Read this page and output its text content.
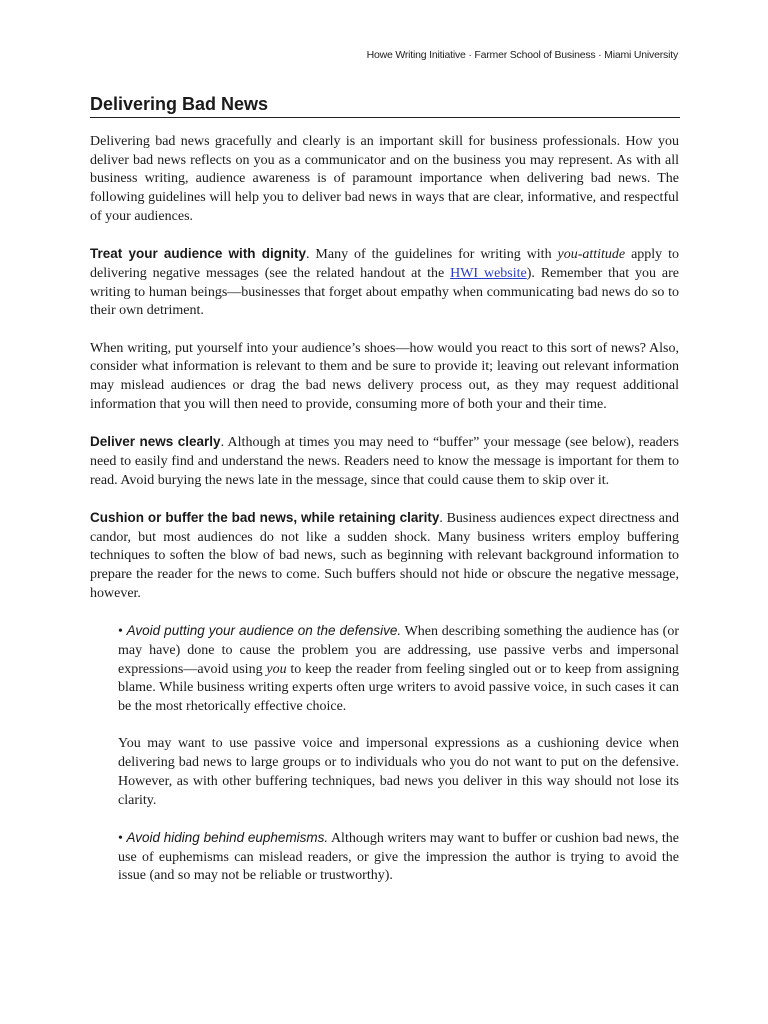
Howe Writing Initiative · Farmer School of Business · Miami University
Delivering Bad News

Delivering bad news gracefully and clearly is an important skill for business professionals. How you deliver bad news reflects on you as a communicator and on the business you may represent. As with all business writing, audience awareness is of paramount importance when delivering bad news. The following guidelines will help you to deliver bad news in ways that are clear, informative, and respectful of your audiences.

Treat your audience with dignity. Many of the guidelines for writing with you-attitude apply to delivering negative messages (see the related handout at the HWI website). Remember that you are writing to human beings—businesses that forget about empathy when communicating bad news do so to their own detriment.

When writing, put yourself into your audience’s shoes—how would you react to this sort of news? Also, consider what information is relevant to them and be sure to provide it; leaving out relevant information may mislead audiences or drag the bad news delivery process out, as they may request additional information that you will then need to provide, consuming more of both your and their time.

Deliver news clearly. Although at times you may need to “buffer” your message (see below), readers need to easily find and understand the news. Readers need to know the message is important for them to read. Avoid burying the news late in the message, since that could cause them to skip over it.

Cushion or buffer the bad news, while retaining clarity. Business audiences expect directness and candor, but most audiences do not like a sudden shock. Many business writers employ buffering techniques to soften the blow of bad news, such as beginning with relevant background information to prepare the reader for the news to come. Such buffers should not hide or obscure the negative message, however.

• Avoid putting your audience on the defensive. When describing something the audience has (or may have) done to cause the problem you are addressing, use passive verbs and impersonal expressions—avoid using you to keep the reader from feeling singled out or to keep from assigning blame. While business writing experts often urge writers to avoid passive voice, in such cases it can be the most rhetorically effective choice.

You may want to use passive voice and impersonal expressions as a cushioning device when delivering bad news to large groups or to individuals who you do not want to put on the defensive. However, as with other buffering techniques, bad news you deliver in this way should not lose its clarity.

• Avoid hiding behind euphemisms. Although writers may want to buffer or cushion bad news, the use of euphemisms can mislead readers, or give the impression the author is trying to avoid the issue (and so may not be reliable or trustworthy).
